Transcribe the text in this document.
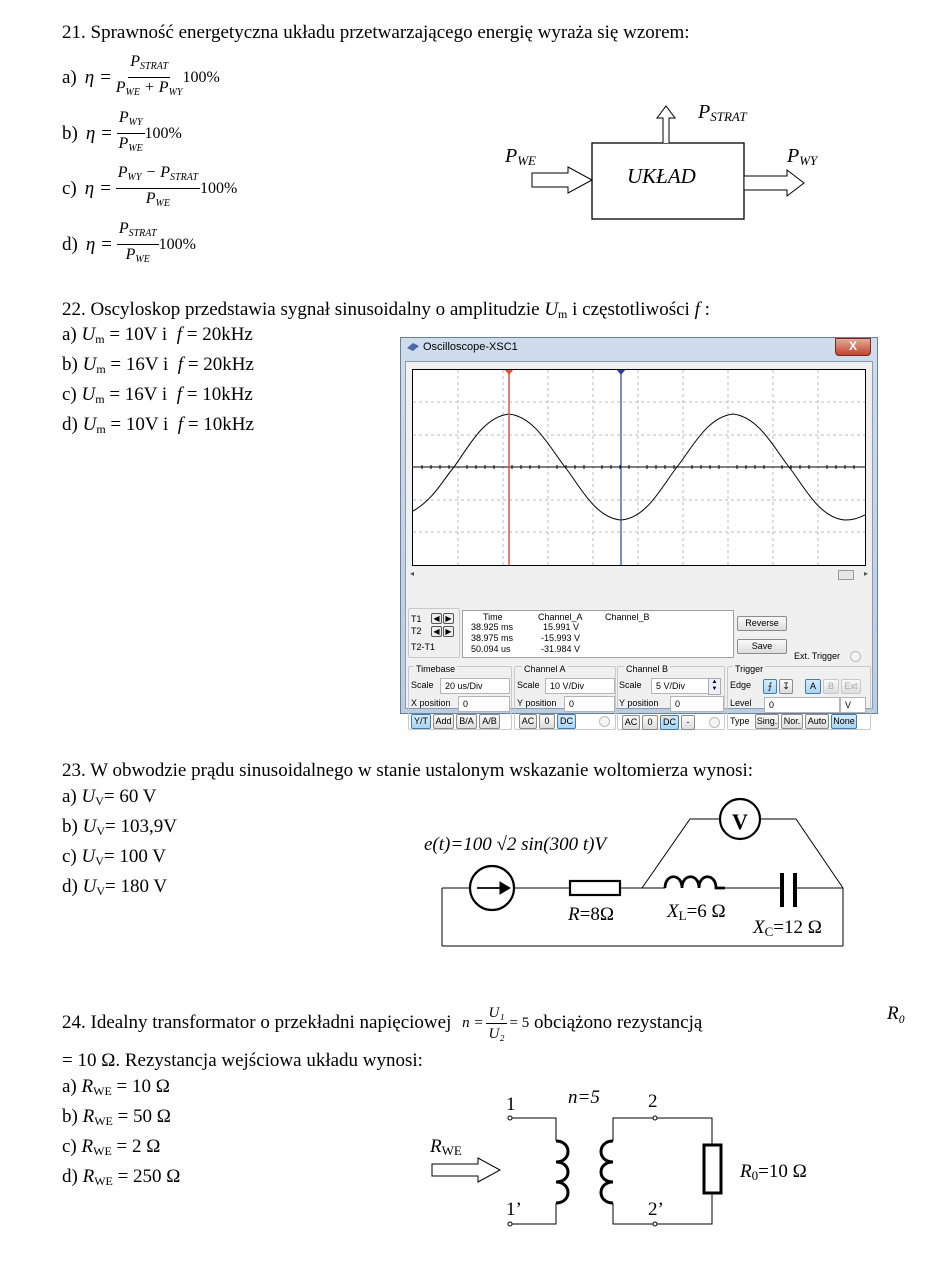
21. Sprawność energetyczna układu przetwarzającego energię wyraża się wzorem:
a) $\eta = \frac{P_{STRAT}}{P_{WE} + P_{WY}} 100\%$
b) $\eta = \frac{P_{WY}}{P_{WE}} 100\%$
c) $\eta = \frac{P_{WY} - P_{STRAT}}{P_{WE}} 100\%$
d) $\eta = \frac{P_{STRAT}}{P_{WE}} 100\%$
UKŁAD
PWE	PWY
PSTRAT
22. Oscyloskop przedstawia sygnał sinusoidalny o amplitudzie $U_m$ i częstotliwości f :
a) $U_m = 10V$ i f = 20kHz
b) $U_m = 16V$ i f = 20kHz
c) $U_m = 16V$ i f = 10kHz
d) $U_m = 10V$ i f = 10kHz
Oscilloscope-XSC1	X
◂	▸
T1	◀ ▶
T2	◀ ▶
T2-T1
Time	Channel_A Channel_B
38.925 ms	15.991 V
38.975 ms	-15.993 V
50.094 us	-31.984 V
Reverse
Save
Ext. Trigger
Timebase
Scale	20 us/Div
X position	0
Y/T Add B/A A/B
Channel A
Scale	10 V/Div
Y position	0
AC	0	DC
Channel B
Scale	5 V/Div	▲
▼
Y position	0
AC	0	DC	-
Trigger
Edge	⨍	↧	A	B	Ext
Level	0	V
Type Sing. Nor. Auto None
23. W obwodzie prądu sinusoidalnego w stanie ustalonym wskazanie woltomierza wynosi:
a) $U_V= 60$ V
b) $U_V= 103,9V$
c) $U_V= 100$ V
d) $U_V= 180$ V
V
e(t)=100 √2 sin(300 t)V
R=8Ω	XL=6 Ω
XC=12 Ω
24. Idealny transformator o przekładni napięciowej $n = \frac{\text{U₁}}{\text{U₂}} = 5$ obciążono rezystancją	R₀
= 10 Ω. Rezystancja wejściowa układu wynosi:
a) $R_{WE} = 10$ Ω
b) $R_{WE} = 50$ Ω
c) $R_{WE} = 2$ Ω
d) $R_{WE} = 250$ Ω
1
1’
2
2’
n=5
RWE
R0=10 Ω
